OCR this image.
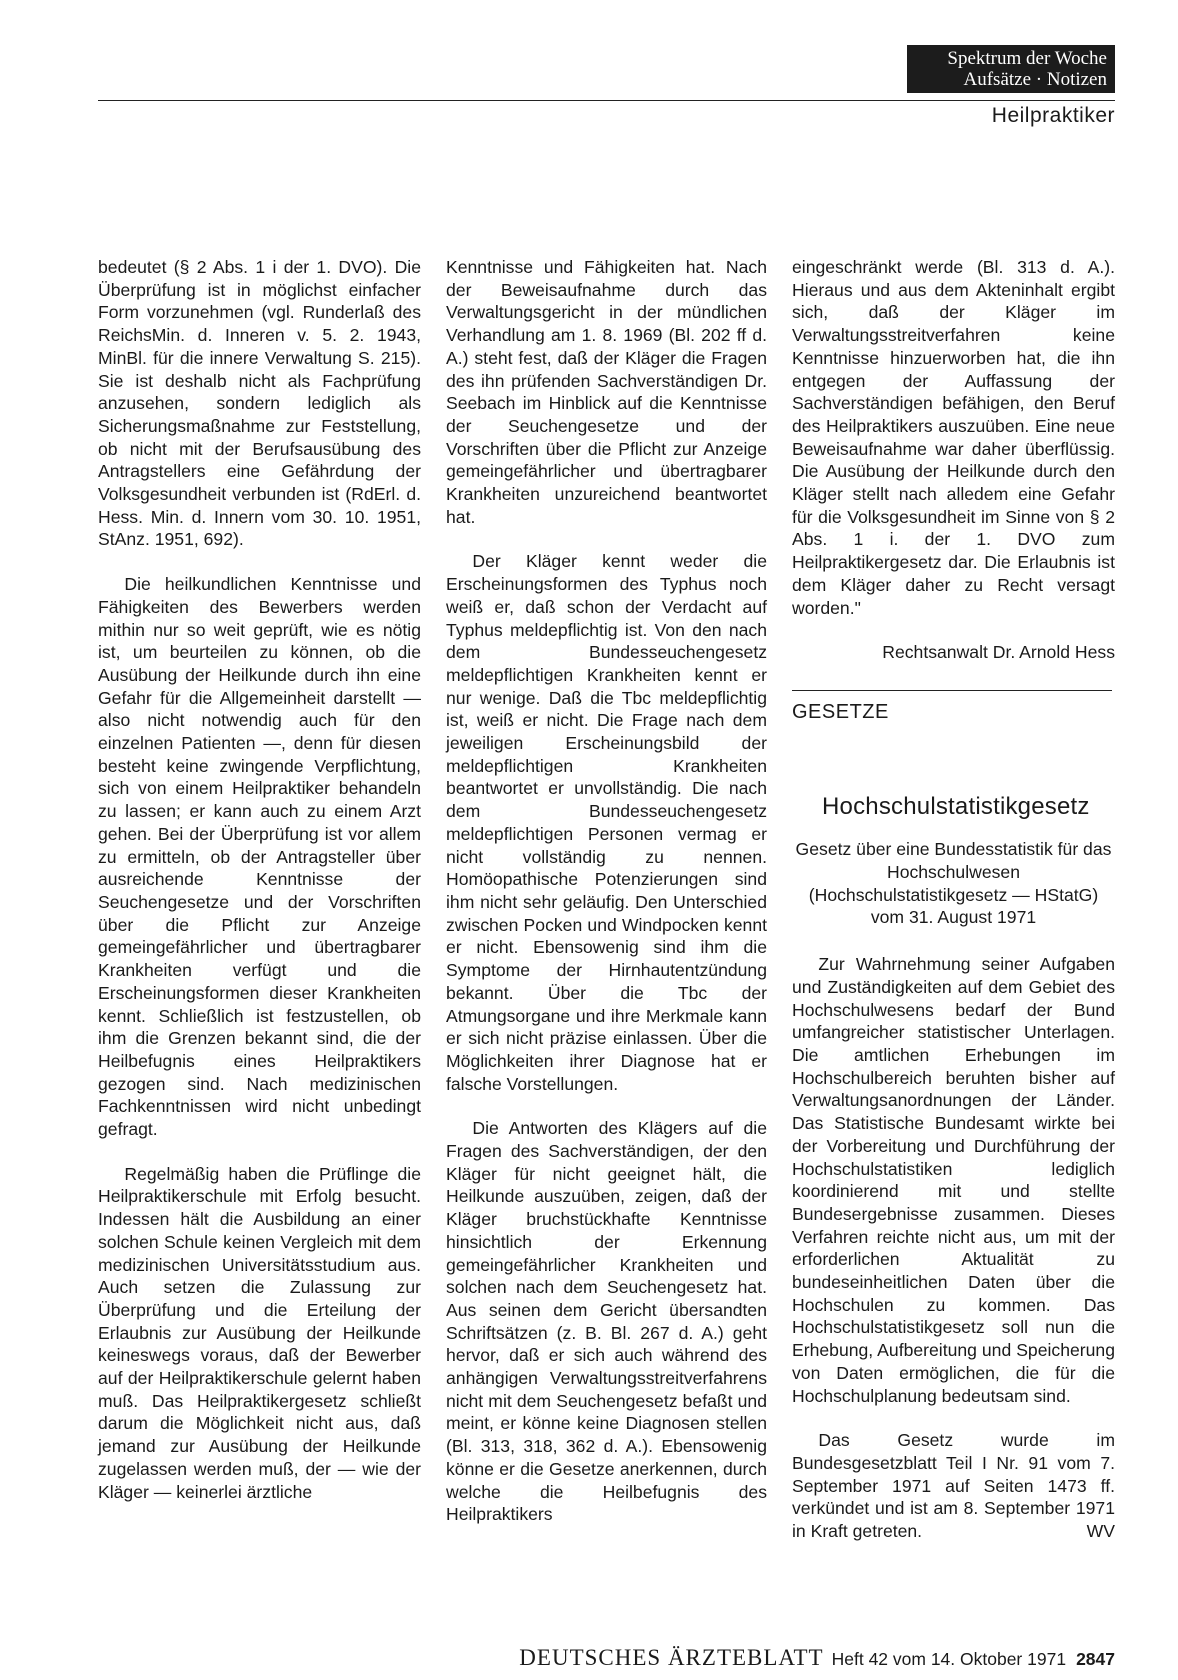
Spektrum der Woche
Aufsätze · Notizen
Heilpraktiker

bedeutet (§ 2 Abs. 1 i der 1. DVO). Die Überprüfung ist in möglichst einfacher Form vorzunehmen (vgl. Runderlaß des ReichsMin. d. Inneren v. 5. 2. 1943, MinBl. für die innere Verwaltung S. 215). Sie ist deshalb nicht als Fachprüfung anzusehen, sondern lediglich als Sicherungsmaßnahme zur Feststellung, ob nicht mit der Berufsausübung des Antragstellers eine Gefährdung der Volksgesundheit verbunden ist (RdErl. d. Hess. Min. d. Innern vom 30. 10. 1951, StAnz. 1951, 692).

Die heilkundlichen Kenntnisse und Fähigkeiten des Bewerbers werden mithin nur so weit geprüft, wie es nötig ist, um beurteilen zu können, ob die Ausübung der Heilkunde durch ihn eine Gefahr für die Allgemeinheit darstellt — also nicht notwendig auch für den einzelnen Patienten —, denn für diesen besteht keine zwingende Verpflichtung, sich von einem Heilpraktiker behandeln zu lassen; er kann auch zu einem Arzt gehen. Bei der Überprüfung ist vor allem zu ermitteln, ob der Antragsteller über ausreichende Kenntnisse der Seuchengesetze und der Vorschriften über die Pflicht zur Anzeige gemeingefährlicher und übertragbarer Krankheiten verfügt und die Erscheinungsformen dieser Krankheiten kennt. Schließlich ist festzustellen, ob ihm die Grenzen bekannt sind, die der Heilbefugnis eines Heilpraktikers gezogen sind. Nach medizinischen Fachkenntnissen wird nicht unbedingt gefragt.

Regelmäßig haben die Prüflinge die Heilpraktikerschule mit Erfolg besucht. Indessen hält die Ausbildung an einer solchen Schule keinen Vergleich mit dem medizinischen Universitätsstudium aus. Auch setzen die Zulassung zur Überprüfung und die Erteilung der Erlaubnis zur Ausübung der Heilkunde keineswegs voraus, daß der Bewerber auf der Heilpraktikerschule gelernt haben muß. Das Heilpraktikergesetz schließt darum die Möglichkeit nicht aus, daß jemand zur Ausübung der Heilkunde zugelassen werden muß, der — wie der Kläger — keinerlei ärztliche

Kenntnisse und Fähigkeiten hat. Nach der Beweisaufnahme durch das Verwaltungsgericht in der mündlichen Verhandlung am 1. 8. 1969 (Bl. 202 ff d. A.) steht fest, daß der Kläger die Fragen des ihn prüfenden Sachverständigen Dr. Seebach im Hinblick auf die Kenntnisse der Seuchengesetze und der Vorschriften über die Pflicht zur Anzeige gemeingefährlicher und übertragbarer Krankheiten unzureichend beantwortet hat.

Der Kläger kennt weder die Erscheinungsformen des Typhus noch weiß er, daß schon der Verdacht auf Typhus meldepflichtig ist. Von den nach dem Bundesseuchengesetz meldepflichtigen Krankheiten kennt er nur wenige. Daß die Tbc meldepflichtig ist, weiß er nicht. Die Frage nach dem jeweiligen Erscheinungsbild der meldepflichtigen Krankheiten beantwortet er unvollständig. Die nach dem Bundesseuchengesetz meldepflichtigen Personen vermag er nicht vollständig zu nennen. Homöopathische Potenzierungen sind ihm nicht sehr geläufig. Den Unterschied zwischen Pocken und Windpocken kennt er nicht. Ebensowenig sind ihm die Symptome der Hirnhautentzündung bekannt. Über die Tbc der Atmungsorgane und ihre Merkmale kann er sich nicht präzise einlassen. Über die Möglichkeiten ihrer Diagnose hat er falsche Vorstellungen.

Die Antworten des Klägers auf die Fragen des Sachverständigen, der den Kläger für nicht geeignet hält, die Heilkunde auszuüben, zeigen, daß der Kläger bruchstückhafte Kenntnisse hinsichtlich der Erkennung gemeingefährlicher Krankheiten und solchen nach dem Seuchengesetz hat. Aus seinen dem Gericht übersandten Schriftsätzen (z. B. Bl. 267 d. A.) geht hervor, daß er sich auch während des anhängigen Verwaltungsstreitverfahrens nicht mit dem Seuchengesetz befaßt und meint, er könne keine Diagnosen stellen (Bl. 313, 318, 362 d. A.). Ebensowenig könne er die Gesetze anerkennen, durch welche die Heilbefugnis des Heilpraktikers

eingeschränkt werde (Bl. 313 d. A.). Hieraus und aus dem Akteninhalt ergibt sich, daß der Kläger im Verwaltungsstreitverfahren keine Kenntnisse hinzuerworben hat, die ihn entgegen der Auffassung der Sachverständigen befähigen, den Beruf des Heilpraktikers auszuüben. Eine neue Beweisaufnahme war daher überflüssig. Die Ausübung der Heilkunde durch den Kläger stellt nach alledem eine Gefahr für die Volksgesundheit im Sinne von § 2 Abs. 1 i. der 1. DVO zum Heilpraktikergesetz dar. Die Erlaubnis ist dem Kläger daher zu Recht versagt worden."

Rechtsanwalt Dr. Arnold Hess

GESETZE
Hochschulstatistikgesetz
Gesetz über eine Bundesstatistik für das Hochschulwesen (Hochschulstatistikgesetz — HStatG) vom 31. August 1971

Zur Wahrnehmung seiner Aufgaben und Zuständigkeiten auf dem Gebiet des Hochschulwesens bedarf der Bund umfangreicher statistischer Unterlagen. Die amtlichen Erhebungen im Hochschulbereich beruhten bisher auf Verwaltungsanordnungen der Länder. Das Statistische Bundesamt wirkte bei der Vorbereitung und Durchführung der Hochschulstatistiken lediglich koordinierend mit und stellte Bundesergebnisse zusammen. Dieses Verfahren reichte nicht aus, um mit der erforderlichen Aktualität zu bundeseinheitlichen Daten über die Hochschulen zu kommen. Das Hochschulstatistikgesetz soll nun die Erhebung, Aufbereitung und Speicherung von Daten ermöglichen, die für die Hochschulplanung bedeutsam sind.

Das Gesetz wurde im Bundesgesetzblatt Teil I Nr. 91 vom 7. September 1971 auf Seiten 1473 ff. verkündet und ist am 8. September 1971 in Kraft getreten.	WV

DEUTSCHES ÄRZTEBLATT Heft 42 vom 14. Oktober 1971 2847
